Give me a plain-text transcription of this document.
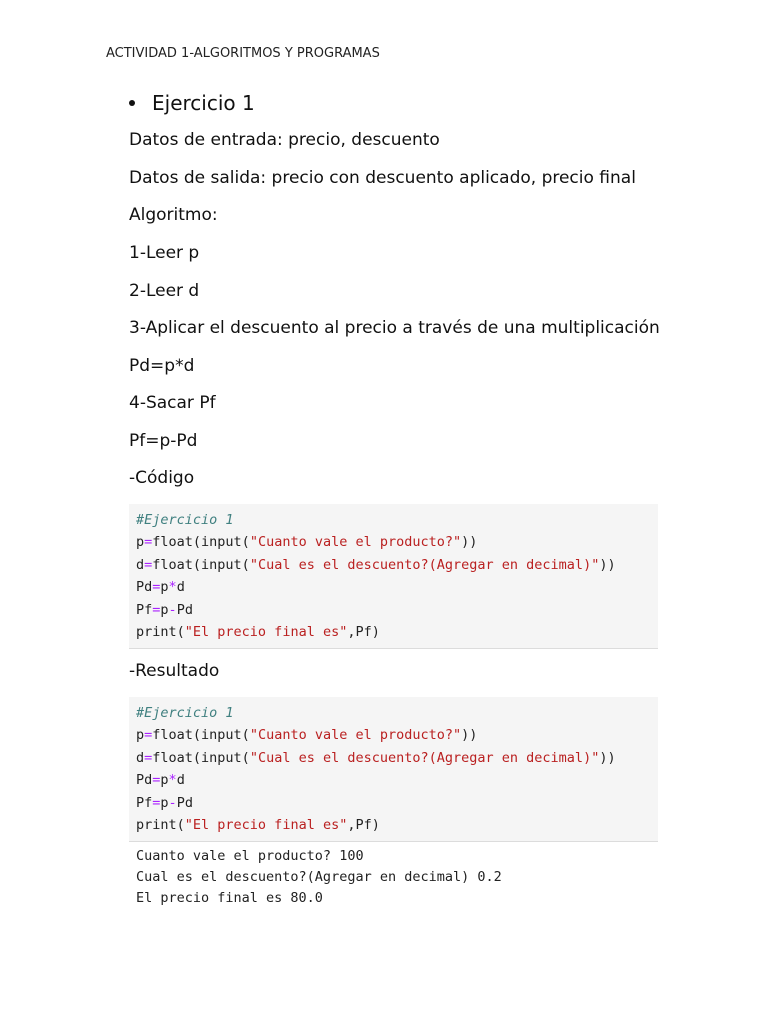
ACTIVIDAD 1-ALGORITMOS Y PROGRAMAS
Ejercicio 1
Datos de entrada: precio, descuento
Datos de salida: precio con descuento aplicado, precio final
Algoritmo:
1-Leer p
2-Leer d
3-Aplicar el descuento al precio a través de una multiplicación
Pd=p*d
4-Sacar Pf
Pf=p-Pd
-Código
#Ejercicio 1
p=float(input("Cuanto vale el producto?"))
d=float(input("Cual es el descuento?(Agregar en decimal)"))
Pd=p*d
Pf=p-Pd
print("El precio final es",Pf)
-Resultado
#Ejercicio 1
p=float(input("Cuanto vale el producto?"))
d=float(input("Cual es el descuento?(Agregar en decimal)"))
Pd=p*d
Pf=p-Pd
print("El precio final es",Pf)
Cuanto vale el producto? 100
Cual es el descuento?(Agregar en decimal) 0.2
El precio final es 80.0
